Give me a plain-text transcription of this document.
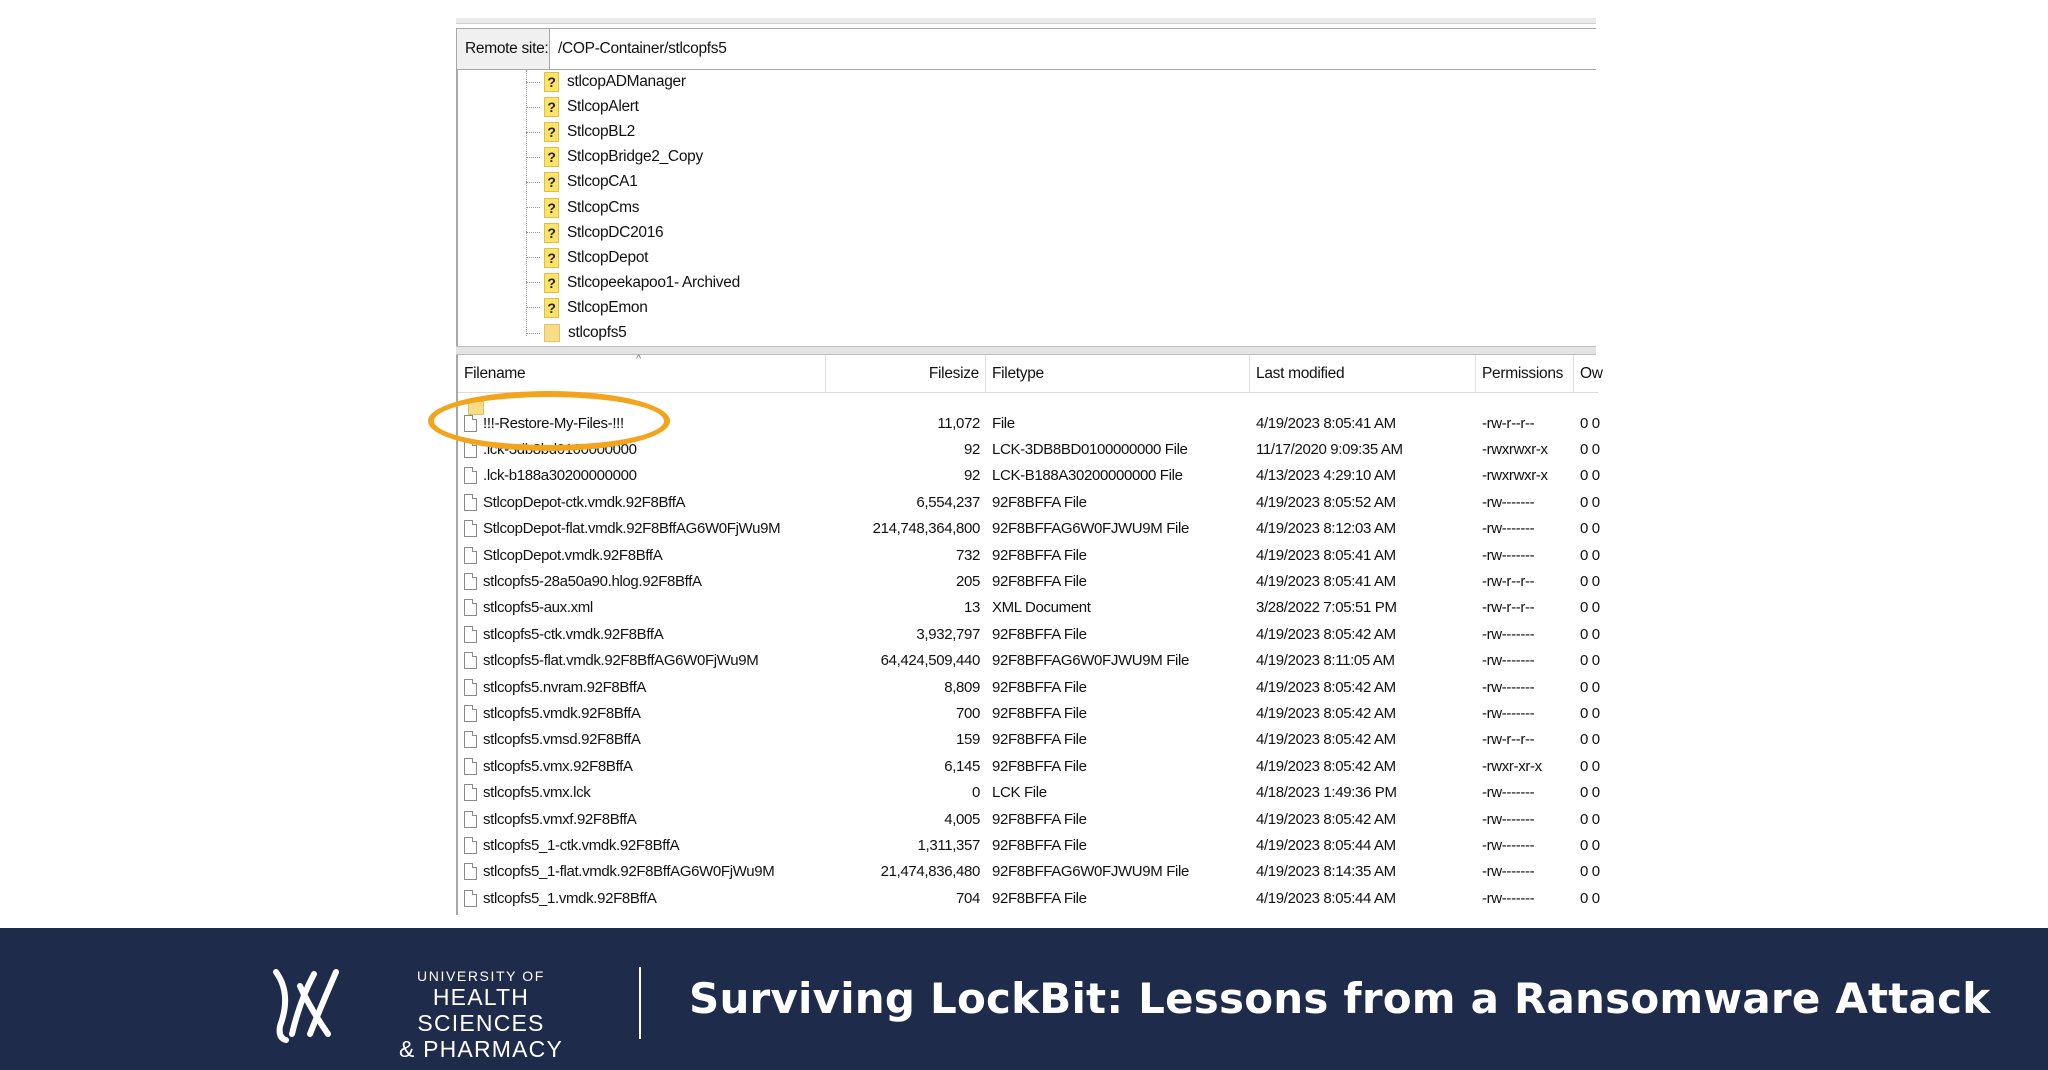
Remote site: /COP-Container/stlcopfs5
? stlcopADManager
? StlcopAlert
? StlcopBL2
? StlcopBridge2_Copy
? StlcopCA1
? StlcopCms
? StlcopDC2016
? StlcopDepot
? Stlcopeekapoo1- Archived
? StlcopEmon
stlcopfs5
^
Filename	Filesize Filetype	Last modified	Permissions	Ow
!!!-Restore-My-Files-!!!	11,072 File	4/19/2023 8:05:41 AM	-rw-r--r--	0 0
.lck-3db8bd0100000000	92 LCK-3DB8BD0100000000 File	11/17/2020 9:09:35 AM	-rwxrwxr-x	0 0
.lck-b188a30200000000	92 LCK-B188A30200000000 File	4/13/2023 4:29:10 AM	-rwxrwxr-x	0 0
StlcopDepot-ctk.vmdk.92F8BffA	6,554,237 92F8BFFA File	4/19/2023 8:05:52 AM	-rw-------	0 0
StlcopDepot-flat.vmdk.92F8BffAG6W0FjWu9M	214,748,364,800 92F8BFFAG6W0FJWU9M File	4/19/2023 8:12:03 AM	-rw-------	0 0
StlcopDepot.vmdk.92F8BffA	732 92F8BFFA File	4/19/2023 8:05:41 AM	-rw-------	0 0
stlcopfs5-28a50a90.hlog.92F8BffA	205 92F8BFFA File	4/19/2023 8:05:41 AM	-rw-r--r--	0 0
stlcopfs5-aux.xml	13 XML Document	3/28/2022 7:05:51 PM	-rw-r--r--	0 0
stlcopfs5-ctk.vmdk.92F8BffA	3,932,797 92F8BFFA File	4/19/2023 8:05:42 AM	-rw-------	0 0
stlcopfs5-flat.vmdk.92F8BffAG6W0FjWu9M	64,424,509,440 92F8BFFAG6W0FJWU9M File	4/19/2023 8:11:05 AM	-rw-------	0 0
stlcopfs5.nvram.92F8BffA	8,809 92F8BFFA File	4/19/2023 8:05:42 AM	-rw-------	0 0
stlcopfs5.vmdk.92F8BffA	700 92F8BFFA File	4/19/2023 8:05:42 AM	-rw-------	0 0
stlcopfs5.vmsd.92F8BffA	159 92F8BFFA File	4/19/2023 8:05:42 AM	-rw-r--r--	0 0
stlcopfs5.vmx.92F8BffA	6,145 92F8BFFA File	4/19/2023 8:05:42 AM	-rwxr-xr-x	0 0
stlcopfs5.vmx.lck	0 LCK File	4/18/2023 1:49:36 PM	-rw-------	0 0
stlcopfs5.vmxf.92F8BffA	4,005 92F8BFFA File	4/19/2023 8:05:42 AM	-rw-------	0 0
stlcopfs5_1-ctk.vmdk.92F8BffA	1,311,357 92F8BFFA File	4/19/2023 8:05:44 AM	-rw-------	0 0
stlcopfs5_1-flat.vmdk.92F8BffAG6W0FjWu9M	21,474,836,480 92F8BFFAG6W0FJWU9M File	4/19/2023 8:14:35 AM	-rw-------	0 0
stlcopfs5_1.vmdk.92F8BffA	704 92F8BFFA File	4/19/2023 8:05:44 AM	-rw-------	0 0
UNIVERSITY OF
HEALTH SCIENCES
& PHARMACY
Surviving LockBit: Lessons from a Ransomware Attack
